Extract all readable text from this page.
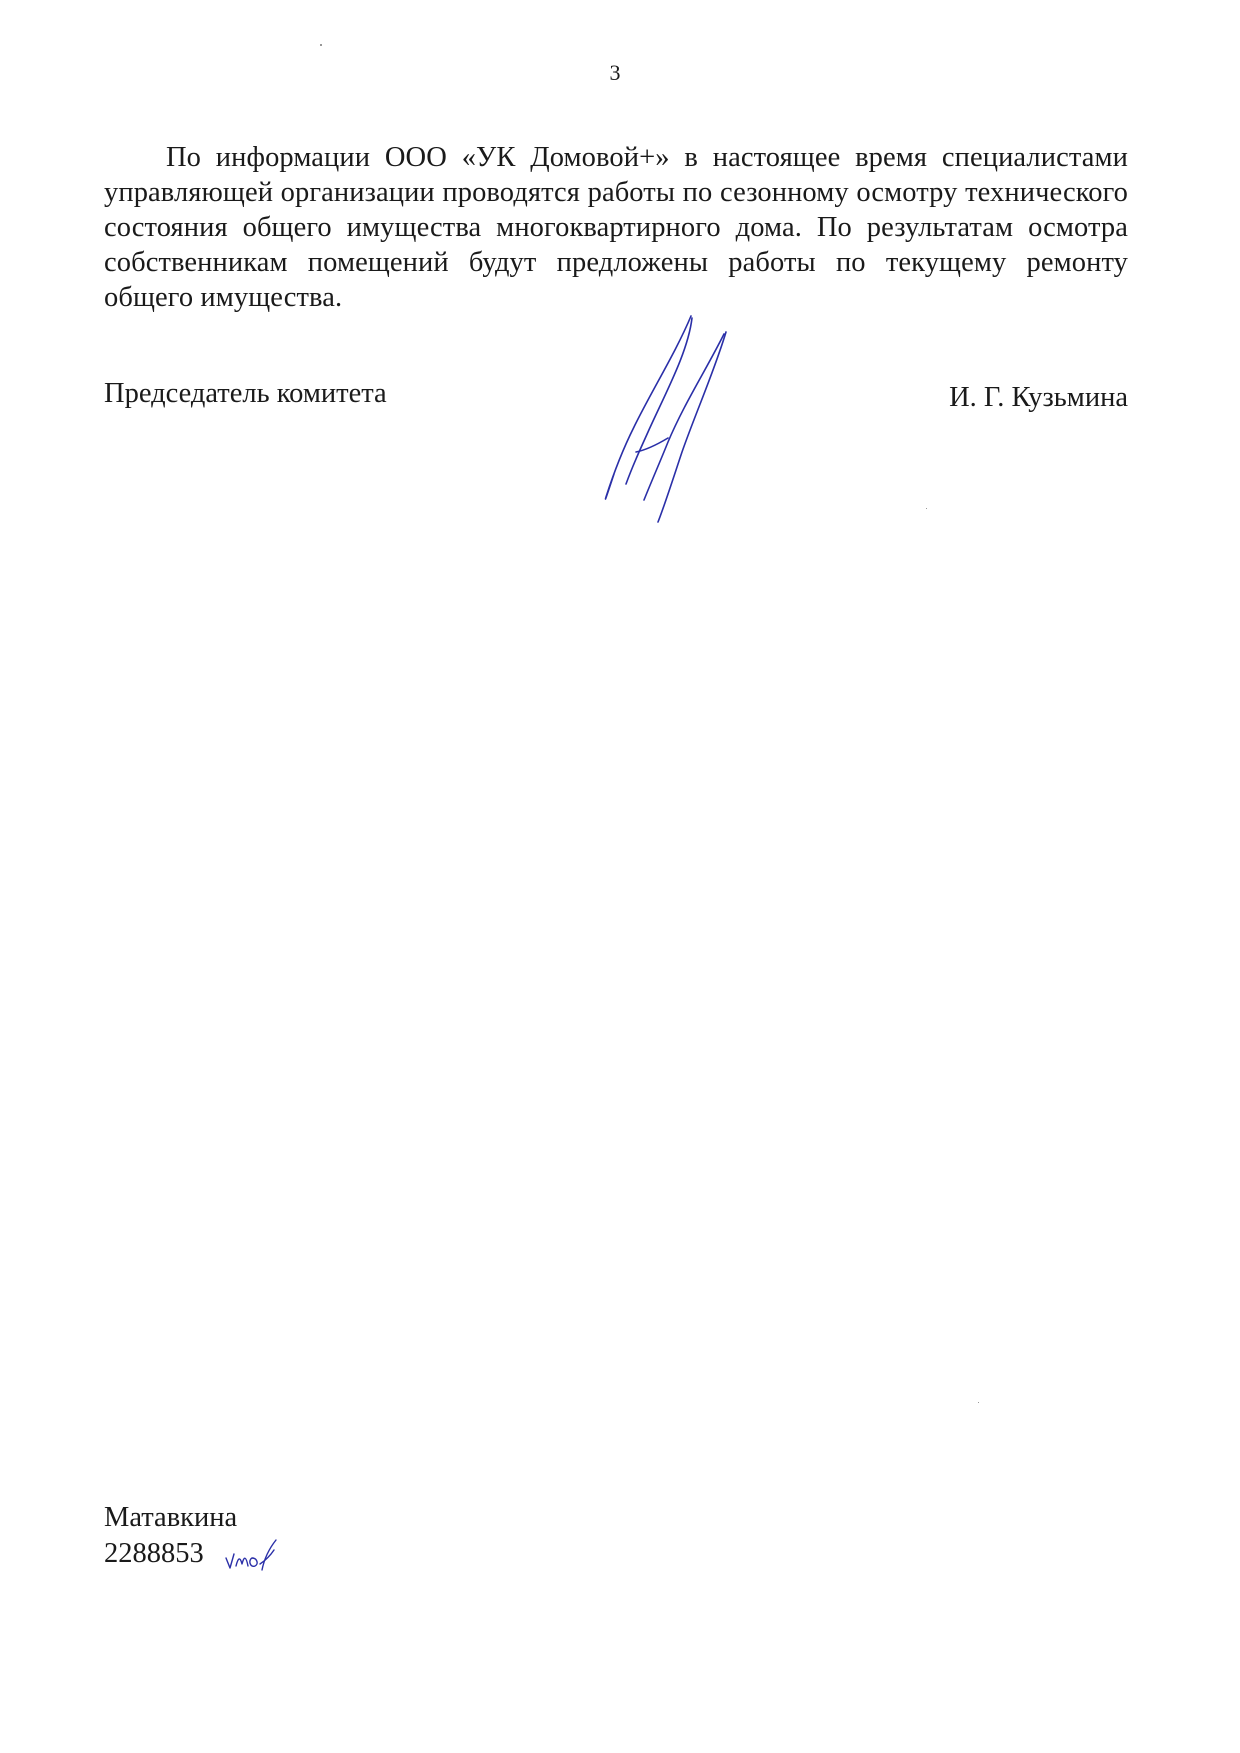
3

По информации ООО «УК Домовой+» в настоящее время специалистами управляющей организации проводятся работы по сезонному осмотру технического состояния общего имущества многоквартирного дома. По результатам осмотра собственникам помещений будут предложены работы по текущему ремонту общего имущества.

Председатель комитета	И. Г. Кузьмина

Матавкина
2288853
